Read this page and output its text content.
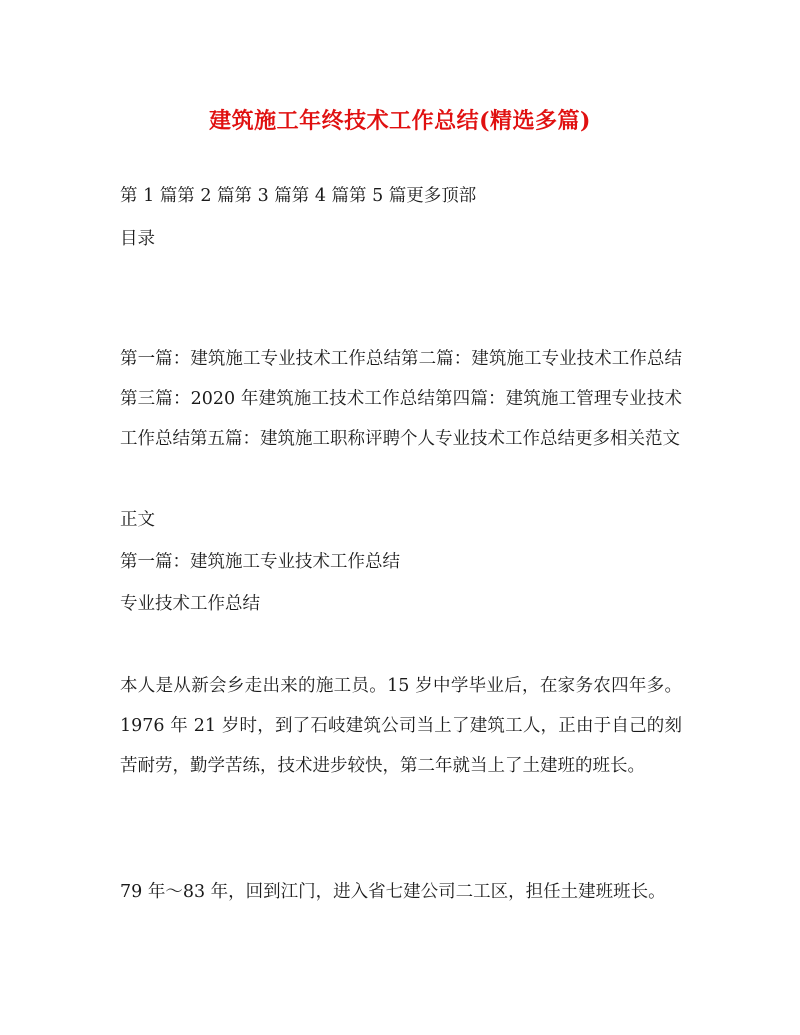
建筑施工年终技术工作总结(精选多篇)
第 1 篇第 2 篇第 3 篇第 4 篇第 5 篇更多顶部
目录
第一篇：建筑施工专业技术工作总结第二篇：建筑施工专业技术工作总结第三篇：2020 年建筑施工技术工作总结第四篇：建筑施工管理专业技术工作总结第五篇：建筑施工职称评聘个人专业技术工作总结更多相关范文
正文
第一篇：建筑施工专业技术工作总结
专业技术工作总结
本人是从新会乡走出来的施工员。15 岁中学毕业后，在家务农四年多。1976 年 21 岁时，到了石岐建筑公司当上了建筑工人，正由于自己的刻苦耐劳，勤学苦练，技术进步较快，第二年就当上了土建班的班长。
79 年～83 年，回到江门，进入省七建公司二工区，担任土建班班长。
